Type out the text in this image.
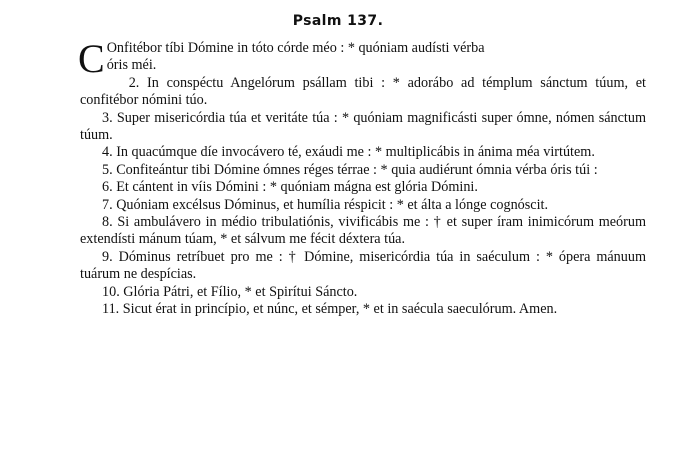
Psalm 137.

C Onfitébor tíbi Dómine in tóto córde méo : * quóniam audísti vérba
óris méi.

2. In conspéctu Angelórum psállam tibi : * adorábo ad témplum sánctum túum, et confitébor nómini túo.

3. Super misericórdia túa et veritáte túa : * quóniam magnificásti super ómne, nómen sánctum túum.

4. In quacúmque díe invocávero té, exáudi me : * multiplicábis in ánima méa virtútem.

5. Confiteántur tibi Dómine ómnes réges térrae : * quia audiérunt ómnia vérba óris túi :

6. Et cántent in víis Dómini : * quóniam mágna est glória Dómini.

7. Quóniam excélsus Dóminus, et humília réspicit : * et álta a lónge cognóscit.

8. Si ambulávero in médio tribulatiónis, vivificábis me : † et super íram inimicórum meórum extendísti mánum túam, * et sálvum me fécit déxtera túa.

9. Dóminus retríbuet pro me : † Dómine, misericórdia túa in saéculum : * ópera mánuum tuárum ne despícias.

10. Glória Pátri, et Fílio, * et Spirítui Sáncto.

11. Sicut érat in princípio, et núnc, et sémper, * et in saécula saeculórum. Amen.
